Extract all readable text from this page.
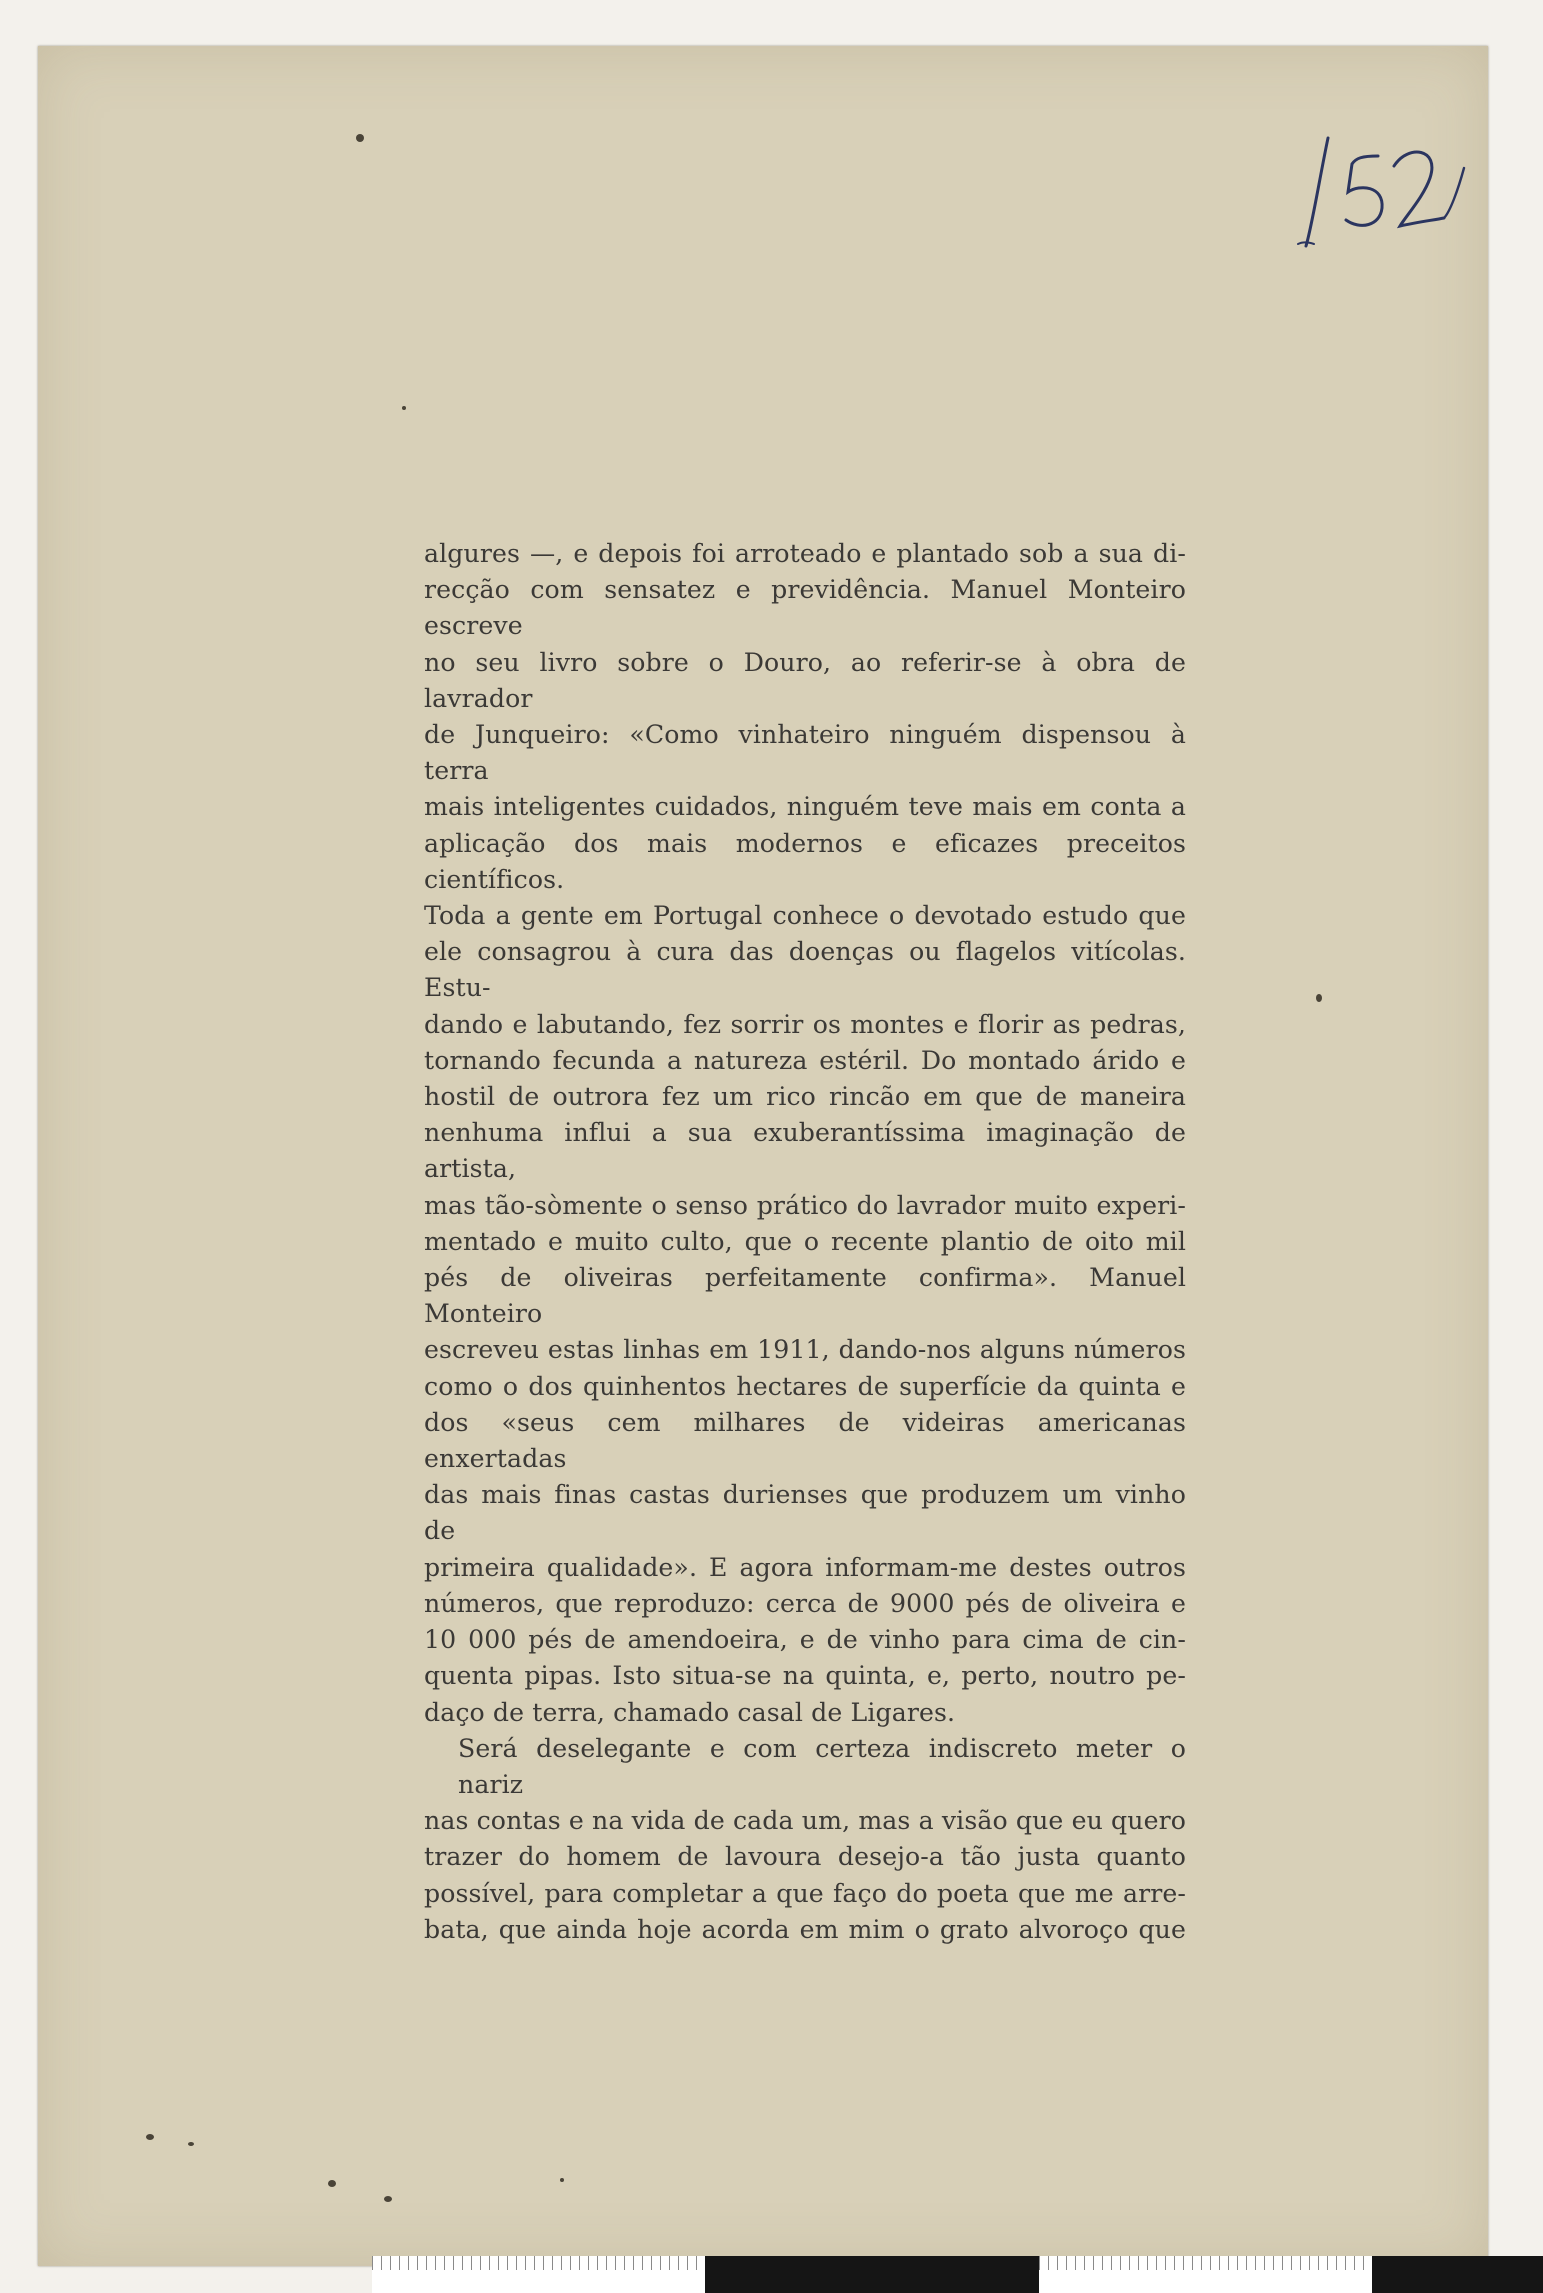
152

algures —, e depois foi arroteado e plantado sob a sua di-
recção com sensatez e previdência. Manuel Monteiro escreve
no seu livro sobre o Douro, ao referir-se à obra de lavrador
de Junqueiro: «Como vinhateiro ninguém dispensou à terra
mais inteligentes cuidados, ninguém teve mais em conta a
aplicação dos mais modernos e eficazes preceitos científicos.
Toda a gente em Portugal conhece o devotado estudo que
ele consagrou à cura das doenças ou flagelos vitícolas. Estu-
dando e labutando, fez sorrir os montes e florir as pedras,
tornando fecunda a natureza estéril. Do montado árido e
hostil de outrora fez um rico rincão em que de maneira
nenhuma influi a sua exuberantíssima imaginação de artista,
mas tão-sòmente o senso prático do lavrador muito experi-
mentado e muito culto, que o recente plantio de oito mil
pés de oliveiras perfeitamente confirma». Manuel Monteiro
escreveu estas linhas em 1911, dando-nos alguns números
como o dos quinhentos hectares de superfície da quinta e
dos «seus cem milhares de videiras americanas enxertadas
das mais finas castas durienses que produzem um vinho de
primeira qualidade». E agora informam-me destes outros
números, que reproduzo: cerca de 9000 pés de oliveira e
10 000 pés de amendoeira, e de vinho para cima de cin-
quenta pipas. Isto situa-se na quinta, e, perto, noutro pe-
daço de terra, chamado casal de Ligares.

Será deselegante e com certeza indiscreto meter o nariz
nas contas e na vida de cada um, mas a visão que eu quero
trazer do homem de lavoura desejo-a tão justa quanto
possível, para completar a que faço do poeta que me arre-
bata, que ainda hoje acorda em mim o grato alvoroço que
